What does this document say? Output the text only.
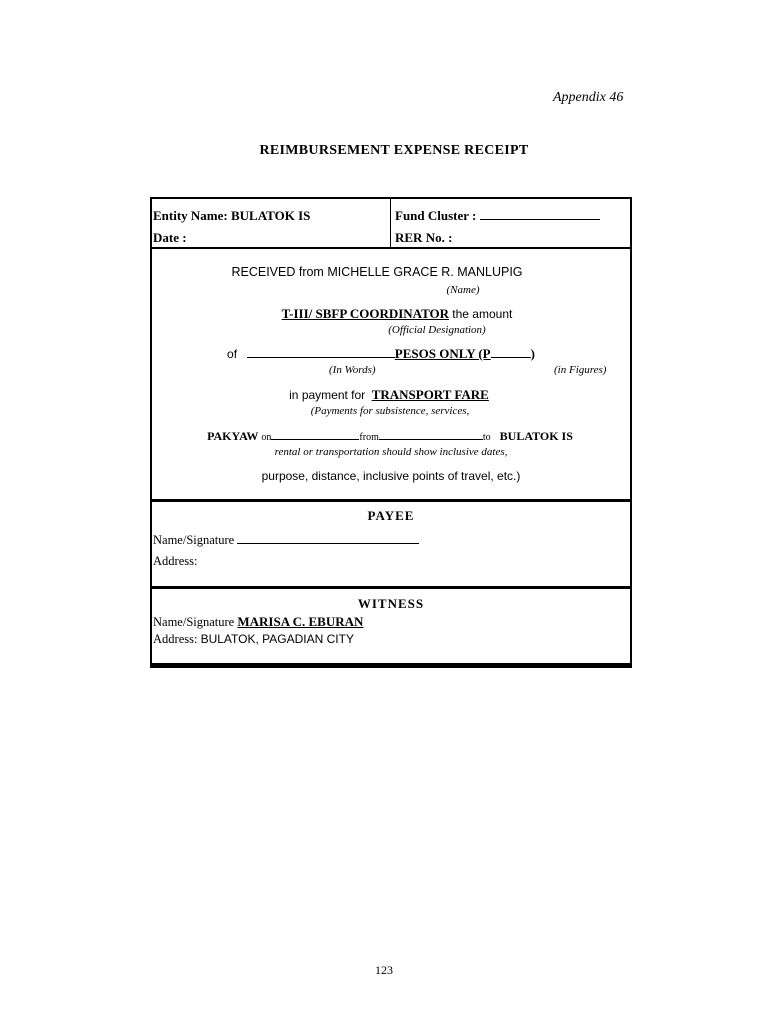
Appendix 46
REIMBURSEMENT EXPENSE RECEIPT
Entity Name: BULATOK IS
Date :
Fund Cluster :
RER No. :
RECEIVED from MICHELLE GRACE R. MANLUPIG
(Name)
T-III/ SBFP COORDINATOR the amount
(Official Designation)
of	PESOS ONLY (P	)
(In Words)	(in Figures)
in payment for TRANSPORT FARE
(Payments for subsistence, services,
PAKYAW on	from	to BULATOK IS
rental or transportation should show inclusive dates,
purpose, distance, inclusive points of travel, etc.)
PAYEE
Name/Signature
Address:
WITNESS
Name/Signature MARISA C. EBURAN
Address: BULATOK, PAGADIAN CITY
123
